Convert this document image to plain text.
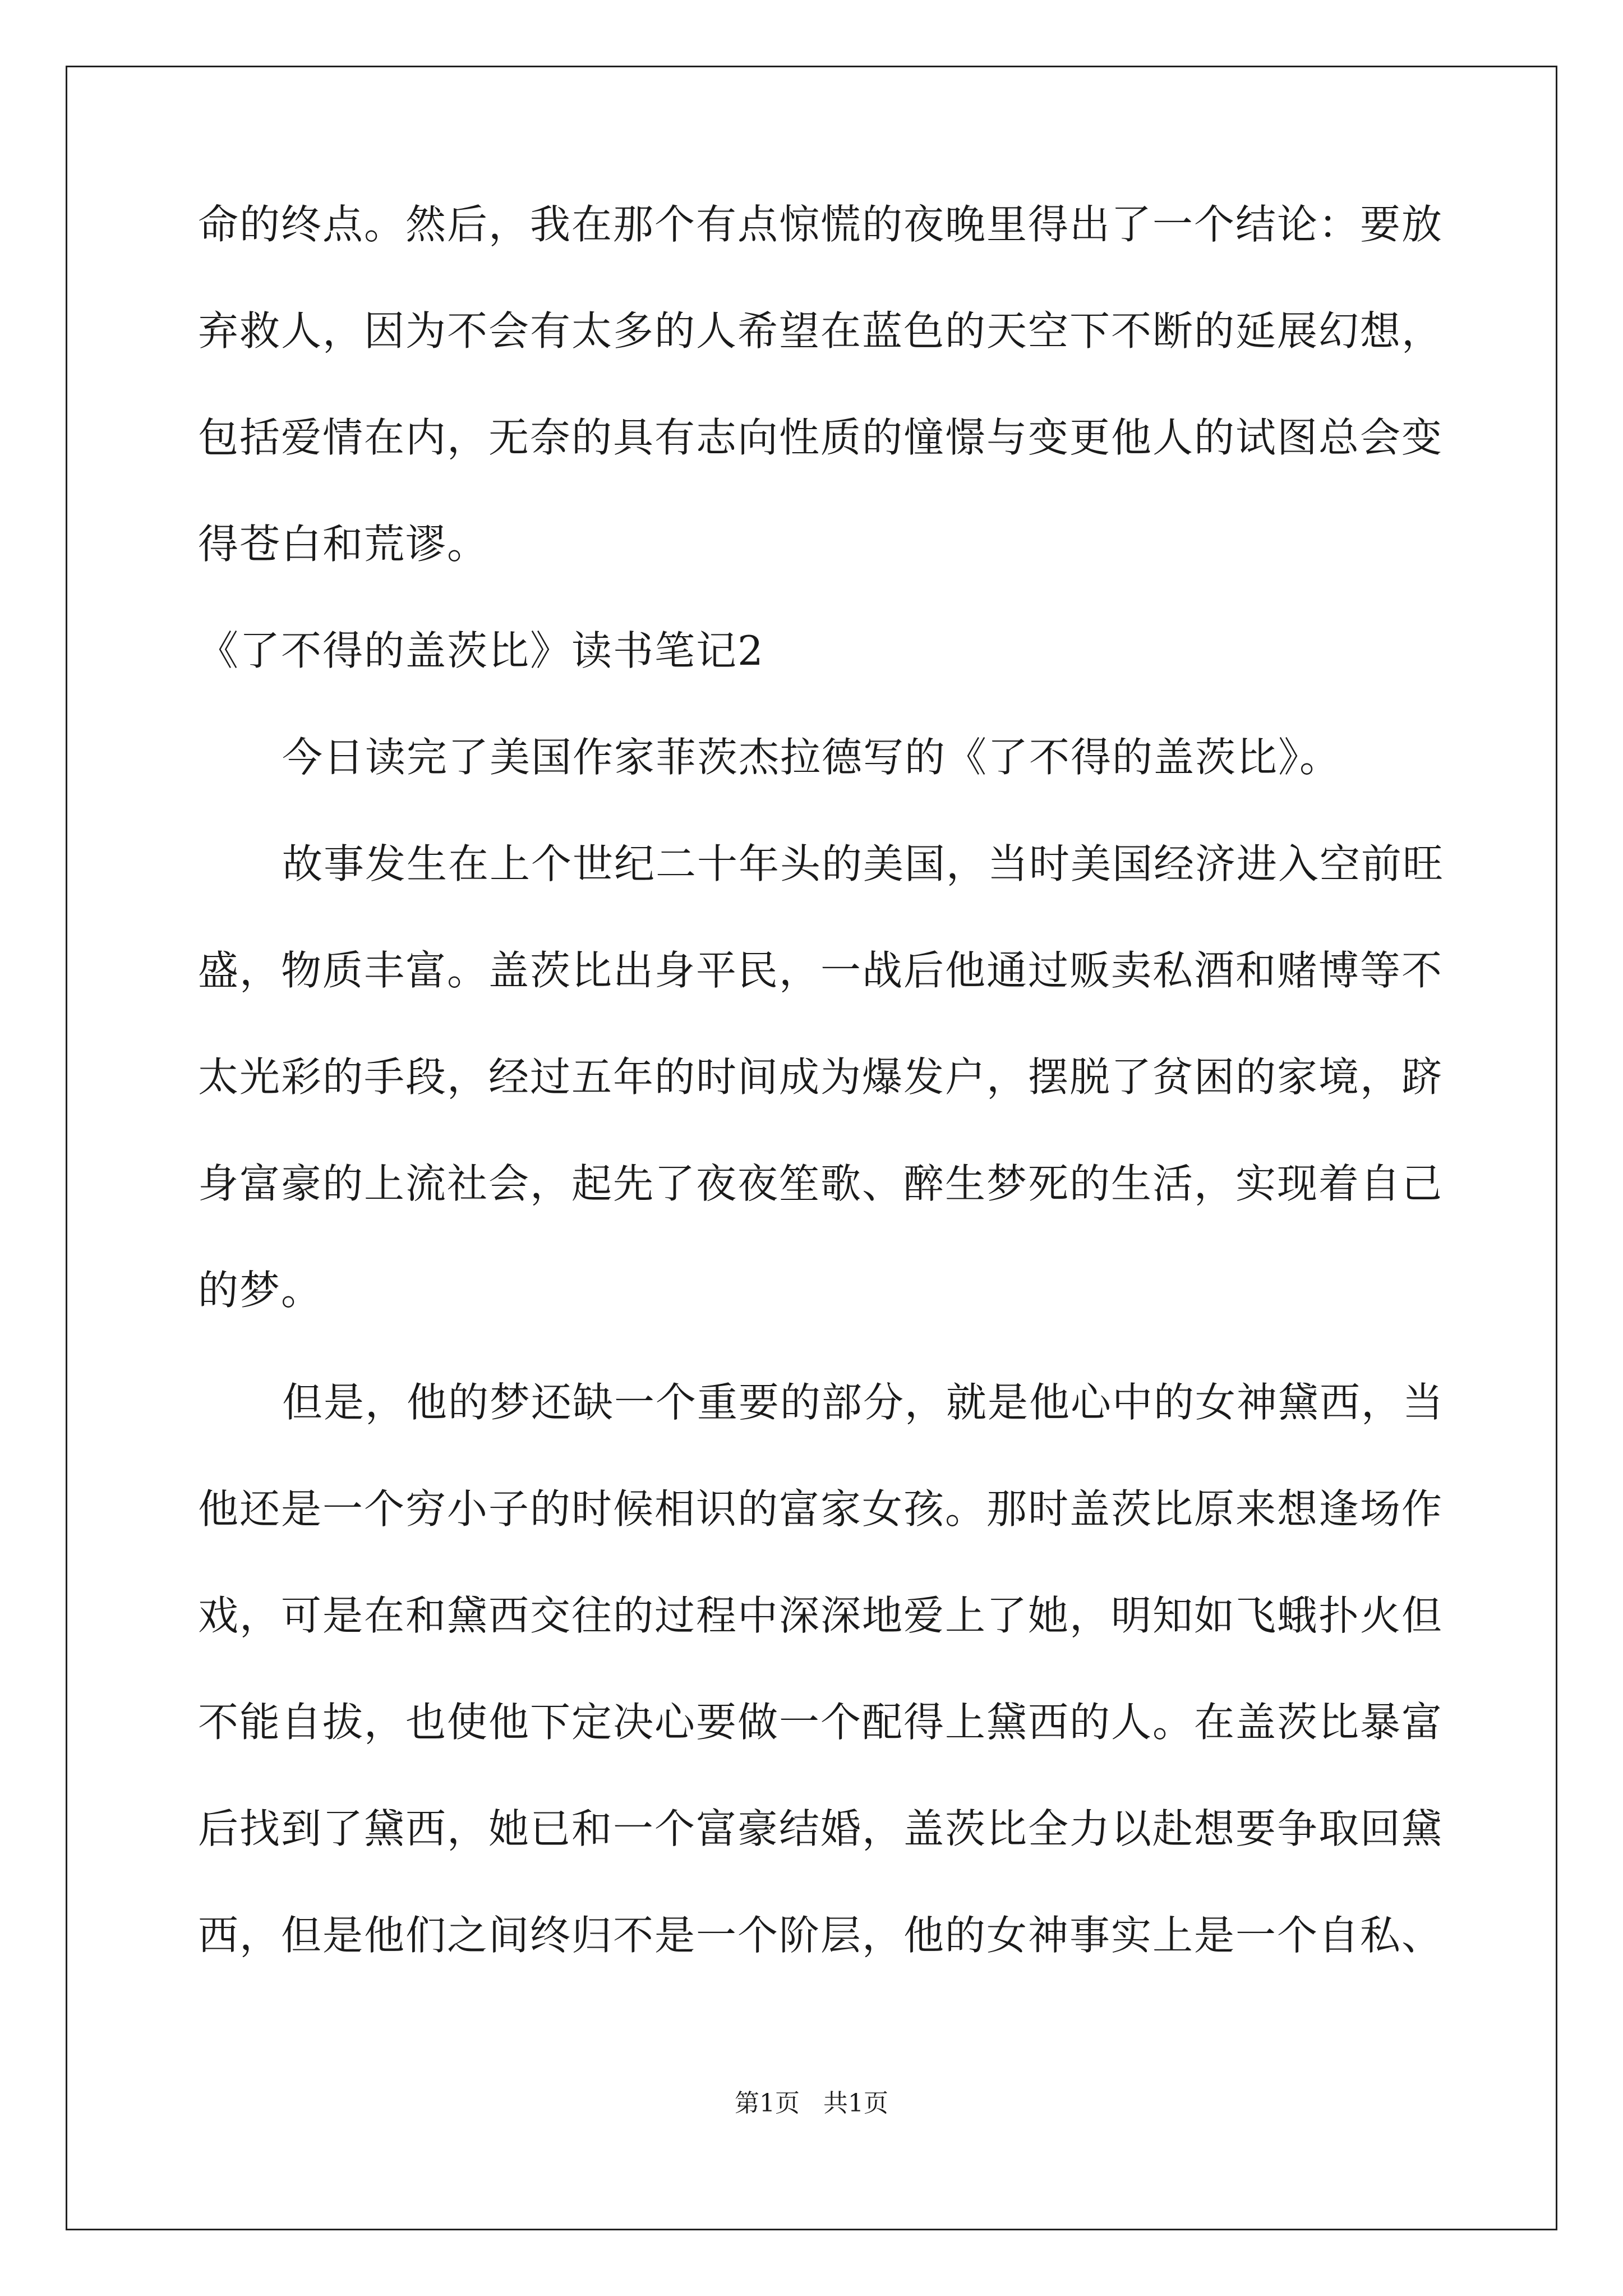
命的终点。然后，我在那个有点惊慌的夜晚里得出了一个结论：要放
弃救人，因为不会有太多的人希望在蓝色的天空下不断的延展幻想，
包括爱情在内，无奈的具有志向性质的憧憬与变更他人的试图总会变
得苍白和荒谬。
《了不得的盖茨比》读书笔记2
今日读完了美国作家菲茨杰拉德写的《了不得的盖茨比》。
故事发生在上个世纪二十年头的美国，当时美国经济进入空前旺
盛，物质丰富。盖茨比出身平民，一战后他通过贩卖私酒和赌博等不
太光彩的手段，经过五年的时间成为爆发户，摆脱了贫困的家境，跻
身富豪的上流社会，起先了夜夜笙歌、醉生梦死的生活，实现着自己
的梦。
但是，他的梦还缺一个重要的部分，就是他心中的女神黛西，当
他还是一个穷小子的时候相识的富家女孩。那时盖茨比原来想逢场作
戏，可是在和黛西交往的过程中深深地爱上了她，明知如飞蛾扑火但
不能自拔，也使他下定决心要做一个配得上黛西的人。在盖茨比暴富
后找到了黛西，她已和一个富豪结婚，盖茨比全力以赴想要争取回黛
西，但是他们之间终归不是一个阶层，他的女神事实上是一个自私、
第1页 共1页
